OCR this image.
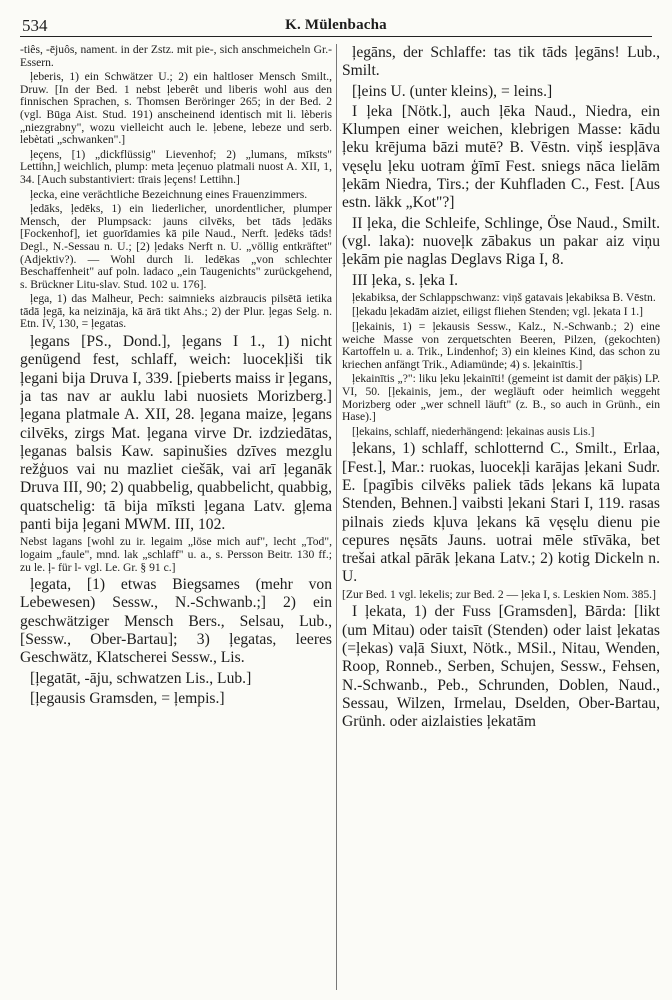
534	K. Mülenbacha

-tiês, -ējuôs, nament. in der Zstz. mit pie-, sich anschmeicheln Gr.-Essern.

ļeberis, 1) ein Schwätzer U.; 2) ein haltloser Mensch Smilt., Druw. [In der Bed. 1 nebst ļeberêt und liberis wohl aus den finnischen Sprachen, s. Thomsen Beröringer 265; in der Bed. 2 (vgl. Būga Aist. Stud. 191) anscheinend identisch mit li. lèberis „niezgrabny", wozu vielleicht auch le. ļebene, lebeze und serb. lebètati „schwanken".]

ļeçens, [1) „dickflüssig" Lievenhof; 2) „lumans, mīksts" Lettihn,] weichlich, plump: meta ļeçenuo platmali nuost A. XII, 1, 34. [Auch substantiviert: tīrais ļeçens! Lettihn.]

ļecka, eine verächtliche Bezeichnung eines Frauenzimmers.

ļedāks, ļedēks, 1) ein liederlicher, unordentlicher, plumper Mensch, der Plumpsack: jauns cilvēks, bet tāds ļedāks [Fockenhof], iet guorīdamies kā pile Naud., Nerft. ļedēks tāds! Degl., N.-Sessau n. U.; [2) ļedaks Nerft n. U. „völlig entkräftet" (Adjektiv?). — Wohl durch li. ledēkas „von schlechter Beschaffenheit" auf poln. ladaco „ein Taugenichts" zurückgehend, s. Brückner Litu-slav. Stud. 102 u. 176].

ļega, 1) das Malheur, Pech: saimnieks aizbraucis pilsētā ietika tādā ļegā, ka neizināja, kā ārā tikt Ahs.; 2) der Plur. ļegas Selg. n. Etn. IV, 130, = ļegatas.

ļegans [PS., Dond.], ļegans I 1., 1) nicht genügend fest, schlaff, weich: luocekļiši tik ļegani bija Druva I, 339. [pieberts maiss ir ļegans, ja tas nav ar auklu labi nuosiets Morizberg.] ļegana platmale A. XII, 28. ļegana maize, ļegans cilvēks, zirgs Mat. ļegana virve Dr. izdziedātas, ļeganas balsis Kaw. sapinušies dzīves mezglu režģuos vai nu mazliet ciešāk, vai arī ļeganāk Druva III, 90; 2) quabbelig, quabbelicht, quabbig, quatschelig: tā bija mīksti ļegana Latv. gļema panti bija ļegani MWM. III, 102.

Nebst lagans [wohl zu ir. legaim „löse mich auf", lecht „Tod", logaim „faule", mnd. lak „schlaff" u. a., s. Persson Beitr. 130 ff.; zu le. ļ- für l- vgl. Le. Gr. § 91 c.]

ļegata, [1) etwas Biegsames (mehr von Lebewesen) Sessw., N.-Schwanb.;] 2) ein geschwätziger Mensch Bers., Selsau, Lub., [Sessw., Ober-Bartau]; 3) ļegatas, leeres Geschwätz, Klatscherei Sessw., Lis.

[ļegatāt, -āju, schwatzen Lis., Lub.]

[ļegausis Gramsden, = ļempis.]

ļegāns, der Schlaffe: tas tik tāds ļegāns! Lub., Smilt.

[ļeins U. (unter kleins), = leins.]

I ļeka [Nötk.], auch ļēka Naud., Niedra, ein Klumpen einer weichen, klebrigen Masse: kādu ļeku krējuma bāzi mutē? B. Vēstn. viņš iespļāva vęsęlu ļeku uotram ģīmī Fest. sniegs nāca lielām ļekām Niedra, Tirs.; der Kuhfladen C., Fest. [Aus estn. läkk „Kot"?]

II ļeka, die Schleife, Schlinge, Öse Naud., Smilt. (vgl. laka): nuoveļk zābakus un pakar aiz viņu ļekām pie naglas Deglavs Riga I, 8.

III ļeka, s. ļeka I.

ļekabiksa, der Schlappschwanz: viņš gatavais ļekabiksa B. Vēstn.

[ļekadu ļekadām aiziet, eiligst fliehen Stenden; vgl. ļekata I 1.]

[ļekainis, 1) = ļekausis Sessw., Kalz., N.-Schwanb.; 2) eine weiche Masse von zerquetschten Beeren, Pilzen, (gekochten) Kartoffeln u. a. Trik., Lindenhof; 3) ein kleines Kind, das schon zu kriechen anfängt Trik., Adiamünde; 4) s. ļekainītis.]

ļekainītis „?": liku ļeku ļekainīti! (gemeint ist damit der pāķis) LP. VI, 50. [ļekainis, jem., der wegläuft oder heimlich weggeht Morizberg oder „wer schnell läuft" (z. B., so auch in Grünh., ein Hase).]

[ļekains, schlaff, niederhängend: ļekainas ausis Lis.]

ļekans, 1) schlaff, schlotternd C., Smilt., Erlaa, [Fest.], Mar.: ruokas, luocekļi karājas ļekani Sudr. E. [pagībis cilvēks paliek tāds ļekans kā lupata Stenden, Behnen.] vaibsti ļekani Stari I, 119. rasas pilnais zieds kļuva ļekans kā vęsęlu dienu pie cepures nęsāts Jauns. uotrai mēle stīvāka, bet trešai atkal pārāk ļekana Latv.; 2) kotig Dickeln n. U.

[Zur Bed. 1 vgl. lekelis; zur Bed. 2 — ļeka I, s. Leskien Nom. 385.]

I ļekata, 1) der Fuss [Gramsden], Bārda: [likt (um Mitau) oder taisīt (Stenden) oder laist ļekatas (=ļekas) vaļā Siuxt, Nötk., MSil., Nitau, Wenden, Roop, Ronneb., Serben, Schujen, Sessw., Fehsen, N.-Schwanb., Peb., Schrunden, Doblen, Naud., Sessau, Wilzen, Irmelau, Dselden, Ober-Bartau, Grünh. oder aizlaisties ļekatām
